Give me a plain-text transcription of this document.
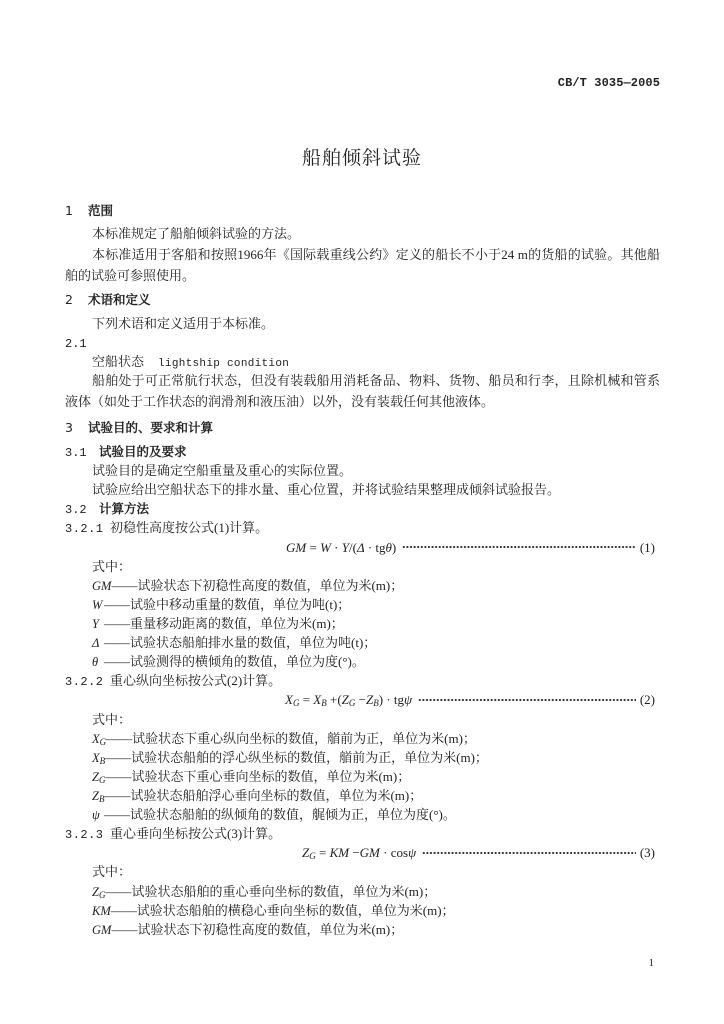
CB/T 3035—2005
船舶倾斜试验
1 范围
本标准规定了船舶倾斜试验的方法。
本标准适用于客船和按照1966年《国际载重线公约》定义的船长不小于24 m的货船的试验。其他船
舶的试验可参照使用。
2 术语和定义
下列术语和定义适用于本标准。
2.1
空船状态 lightship condition
船舶处于可正常航行状态，但没有装载船用消耗备品、物料、货物、船员和行李，且除机械和管系
液体（如处于工作状态的润滑剂和液压油）以外，没有装载任何其他液体。
3 试验目的、要求和计算
3.1 试验目的及要求
试验目的是确定空船重量及重心的实际位置。
试验应给出空船状态下的排水量、重心位置，并将试验结果整理成倾斜试验报告。
3.2 计算方法
3.2.1 初稳性高度按公式(1)计算。
GM = W · Y/(Δ · tgθ)	(1)
式中：
GM——试验状态下初稳性高度的数值，单位为米(m)；
W ——试验中移动重量的数值，单位为吨(t)；
Y ——重量移动距离的数值，单位为米(m)；
Δ ——试验状态船舶排水量的数值，单位为吨(t)；
θ ——试验测得的横倾角的数值，单位为度(°)。
3.2.2 重心纵向坐标按公式(2)计算。
$X_G = X_B +(Z_G -Z_B) \cdot tg\psi$	(2)
式中：
$X_G——$试验状态下重心纵向坐标的数值，艏前为正，单位为米(m)；
$X_B——$试验状态船舶的浮心纵坐标的数值，艏前为正，单位为米(m)；
$Z_G——$试验状态下重心垂向坐标的数值，单位为米(m)；
$Z_B——$试验状态船舶浮心垂向坐标的数值，单位为米(m)；
ψ ——试验状态船舶的纵倾角的数值，艉倾为正，单位为度(°)。
3.2.3 重心垂向坐标按公式(3)计算。
$Z_G$ = KM −GM · cosψ	(3)
式中：
$Z_G——$试验状态船舶的重心垂向坐标的数值，单位为米(m)；
KM——试验状态船舶的横稳心垂向坐标的数值，单位为米(m)；
GM——试验状态下初稳性高度的数值，单位为米(m)；
1
